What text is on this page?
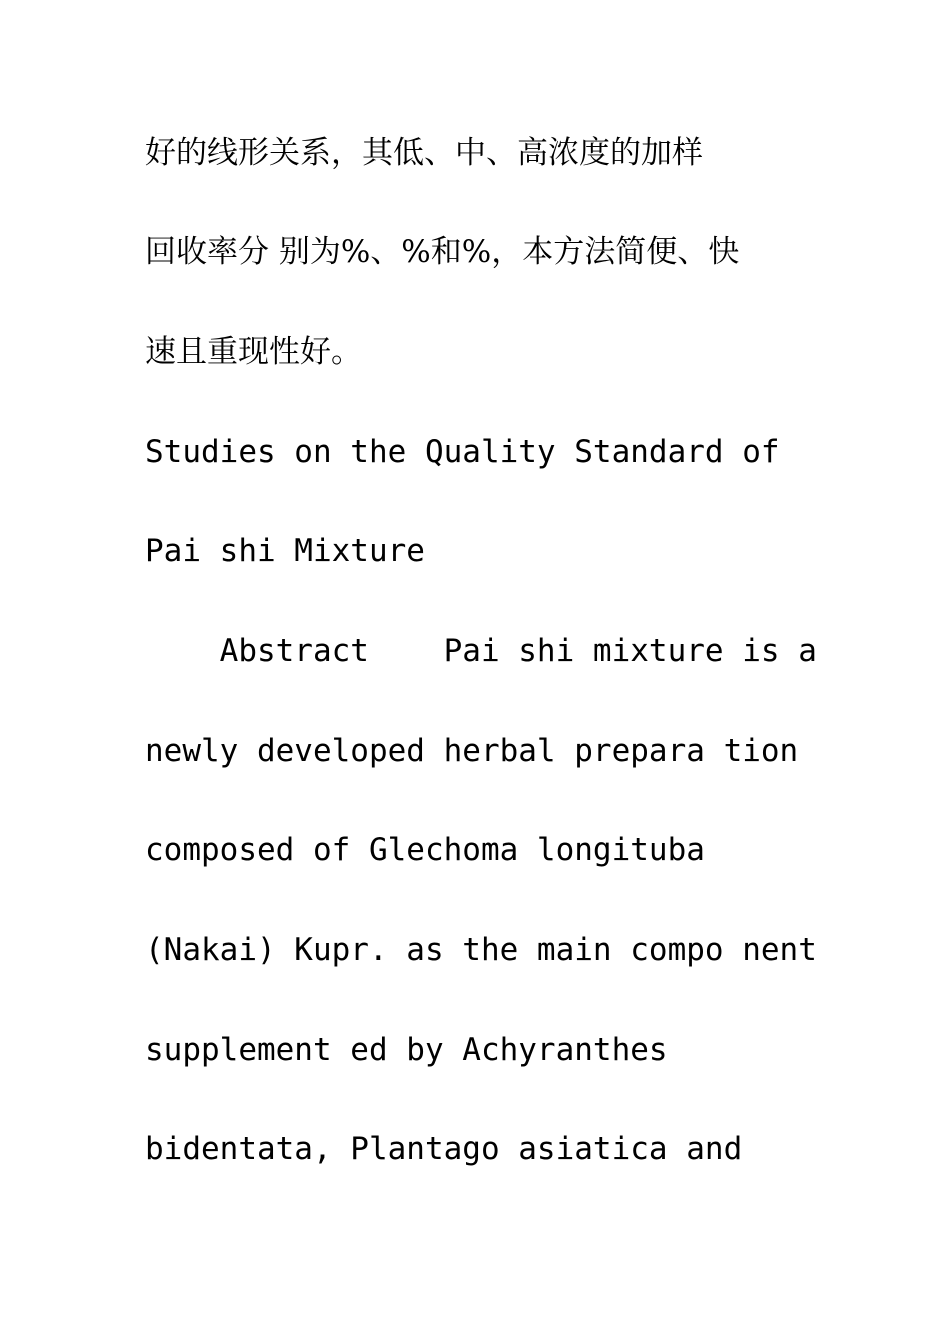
好的线形关系，其低、中、高浓度的加样

回收率分 别为%、%和%，本方法简便、快

速且重现性好。

Studies on the Quality Standard of

Pai shi Mixture

Abstract    Pai shi mixture is a

newly developed herbal prepara tion

composed of Glechoma longituba

(Nakai) Kupr. as the main compo nent

supplement ed by Achyranthes

bidentata, Plantago asiatica and
